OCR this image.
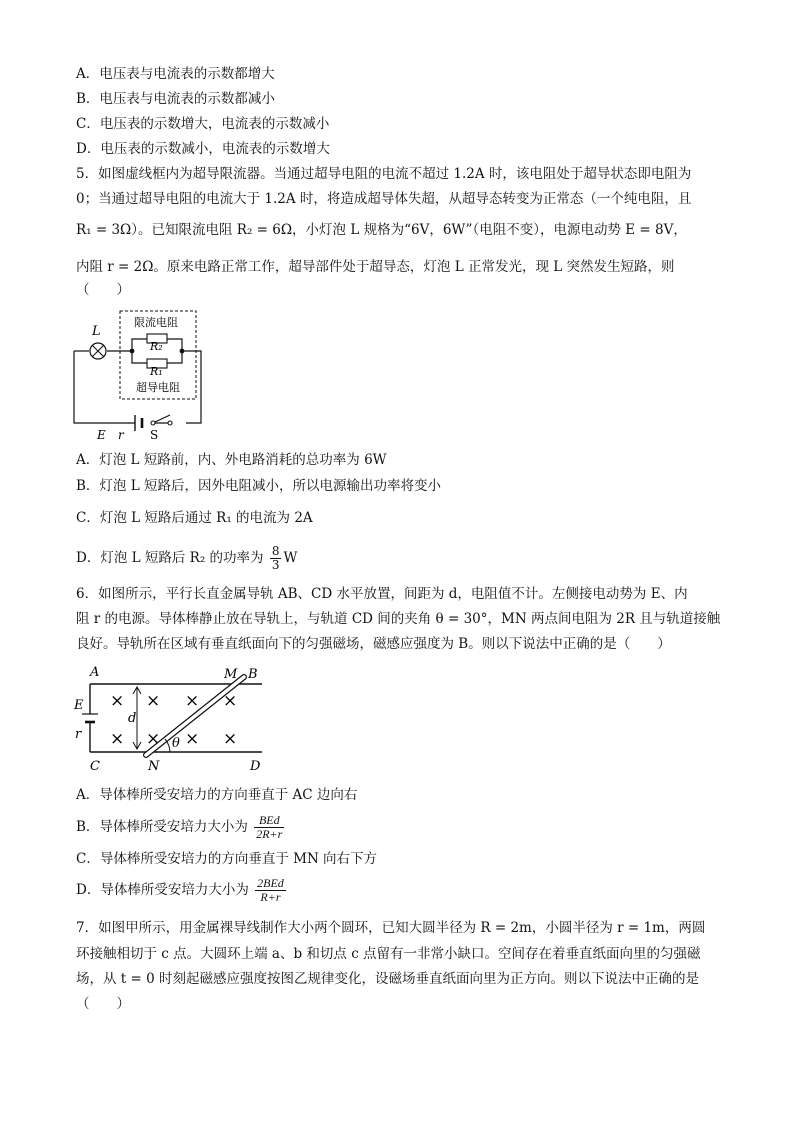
A．电压表与电流表的示数都增大
B．电压表与电流表的示数都减小
C．电压表的示数增大，电流表的示数减小
D．电压表的示数减小，电流表的示数增大
5．如图虚线框内为超导限流器。当通过超导电阻的电流不超过 1.2A 时，该电阻处于超导状态即电阻为
0；当通过超导电阻的电流大于 1.2A 时，将造成超导体失超，从超导态转变为正常态（一个纯电阻，且
R₁ = 3Ω）。已知限流电阻 R₂ = 6Ω，小灯泡 L 规格为“6V，6W”（电阻不变），电源电动势 E = 8V，
内阻 r = 2Ω。原来电路正常工作，超导部件处于超导态，灯泡 L 正常发光，现 L 突然发生短路，则
（　　）
L
限流电阻
R₂
R₁
超导电阻
E r S
A．灯泡 L 短路前，内、外电路消耗的总功率为 6W
B．灯泡 L 短路后，因外电阻减小，所以电源输出功率将变小
C．灯泡 L 短路后通过 R₁ 的电流为 2A
D．灯泡 L 短路后 R₂ 的功率为 $\frac{8}{3}$ W
6．如图所示，平行长直金属导轨 AB、CD 水平放置，间距为 d，电阻值不计。左侧接电动势为 E、内
阻 r 的电源。导体棒静止放在导轨上，与轨道 CD 间的夹角 θ = 30°，MN 两点间电阻为 2R 且与轨道接触
良好。导轨所在区域有垂直纸面向下的匀强磁场，磁感应强度为 B。则以下说法中正确的是（　　）
× × × ×
× × × ×
A	M B
E
d
r
θ
C	N	D
A．导体棒所受安培力的方向垂直于 AC 边向右
B．导体棒所受安培力大小为 $\frac{\text{BEd}}{2R+r}$
C．导体棒所受安培力的方向垂直于 MN 向右下方
D．导体棒所受安培力大小为 $\frac{\text{2BEd}}{R+r}$
7．如图甲所示，用金属裸导线制作大小两个圆环，已知大圆半径为 R = 2m，小圆半径为 r = 1m，两圆
环接触相切于 c 点。大圆环上端 a、b 和切点 c 点留有一非常小缺口。空间存在着垂直纸面向里的匀强磁
场，从 t = 0 时刻起磁感应强度按图乙规律变化，设磁场垂直纸面向里为正方向。则以下说法中正确的是
（　　）
